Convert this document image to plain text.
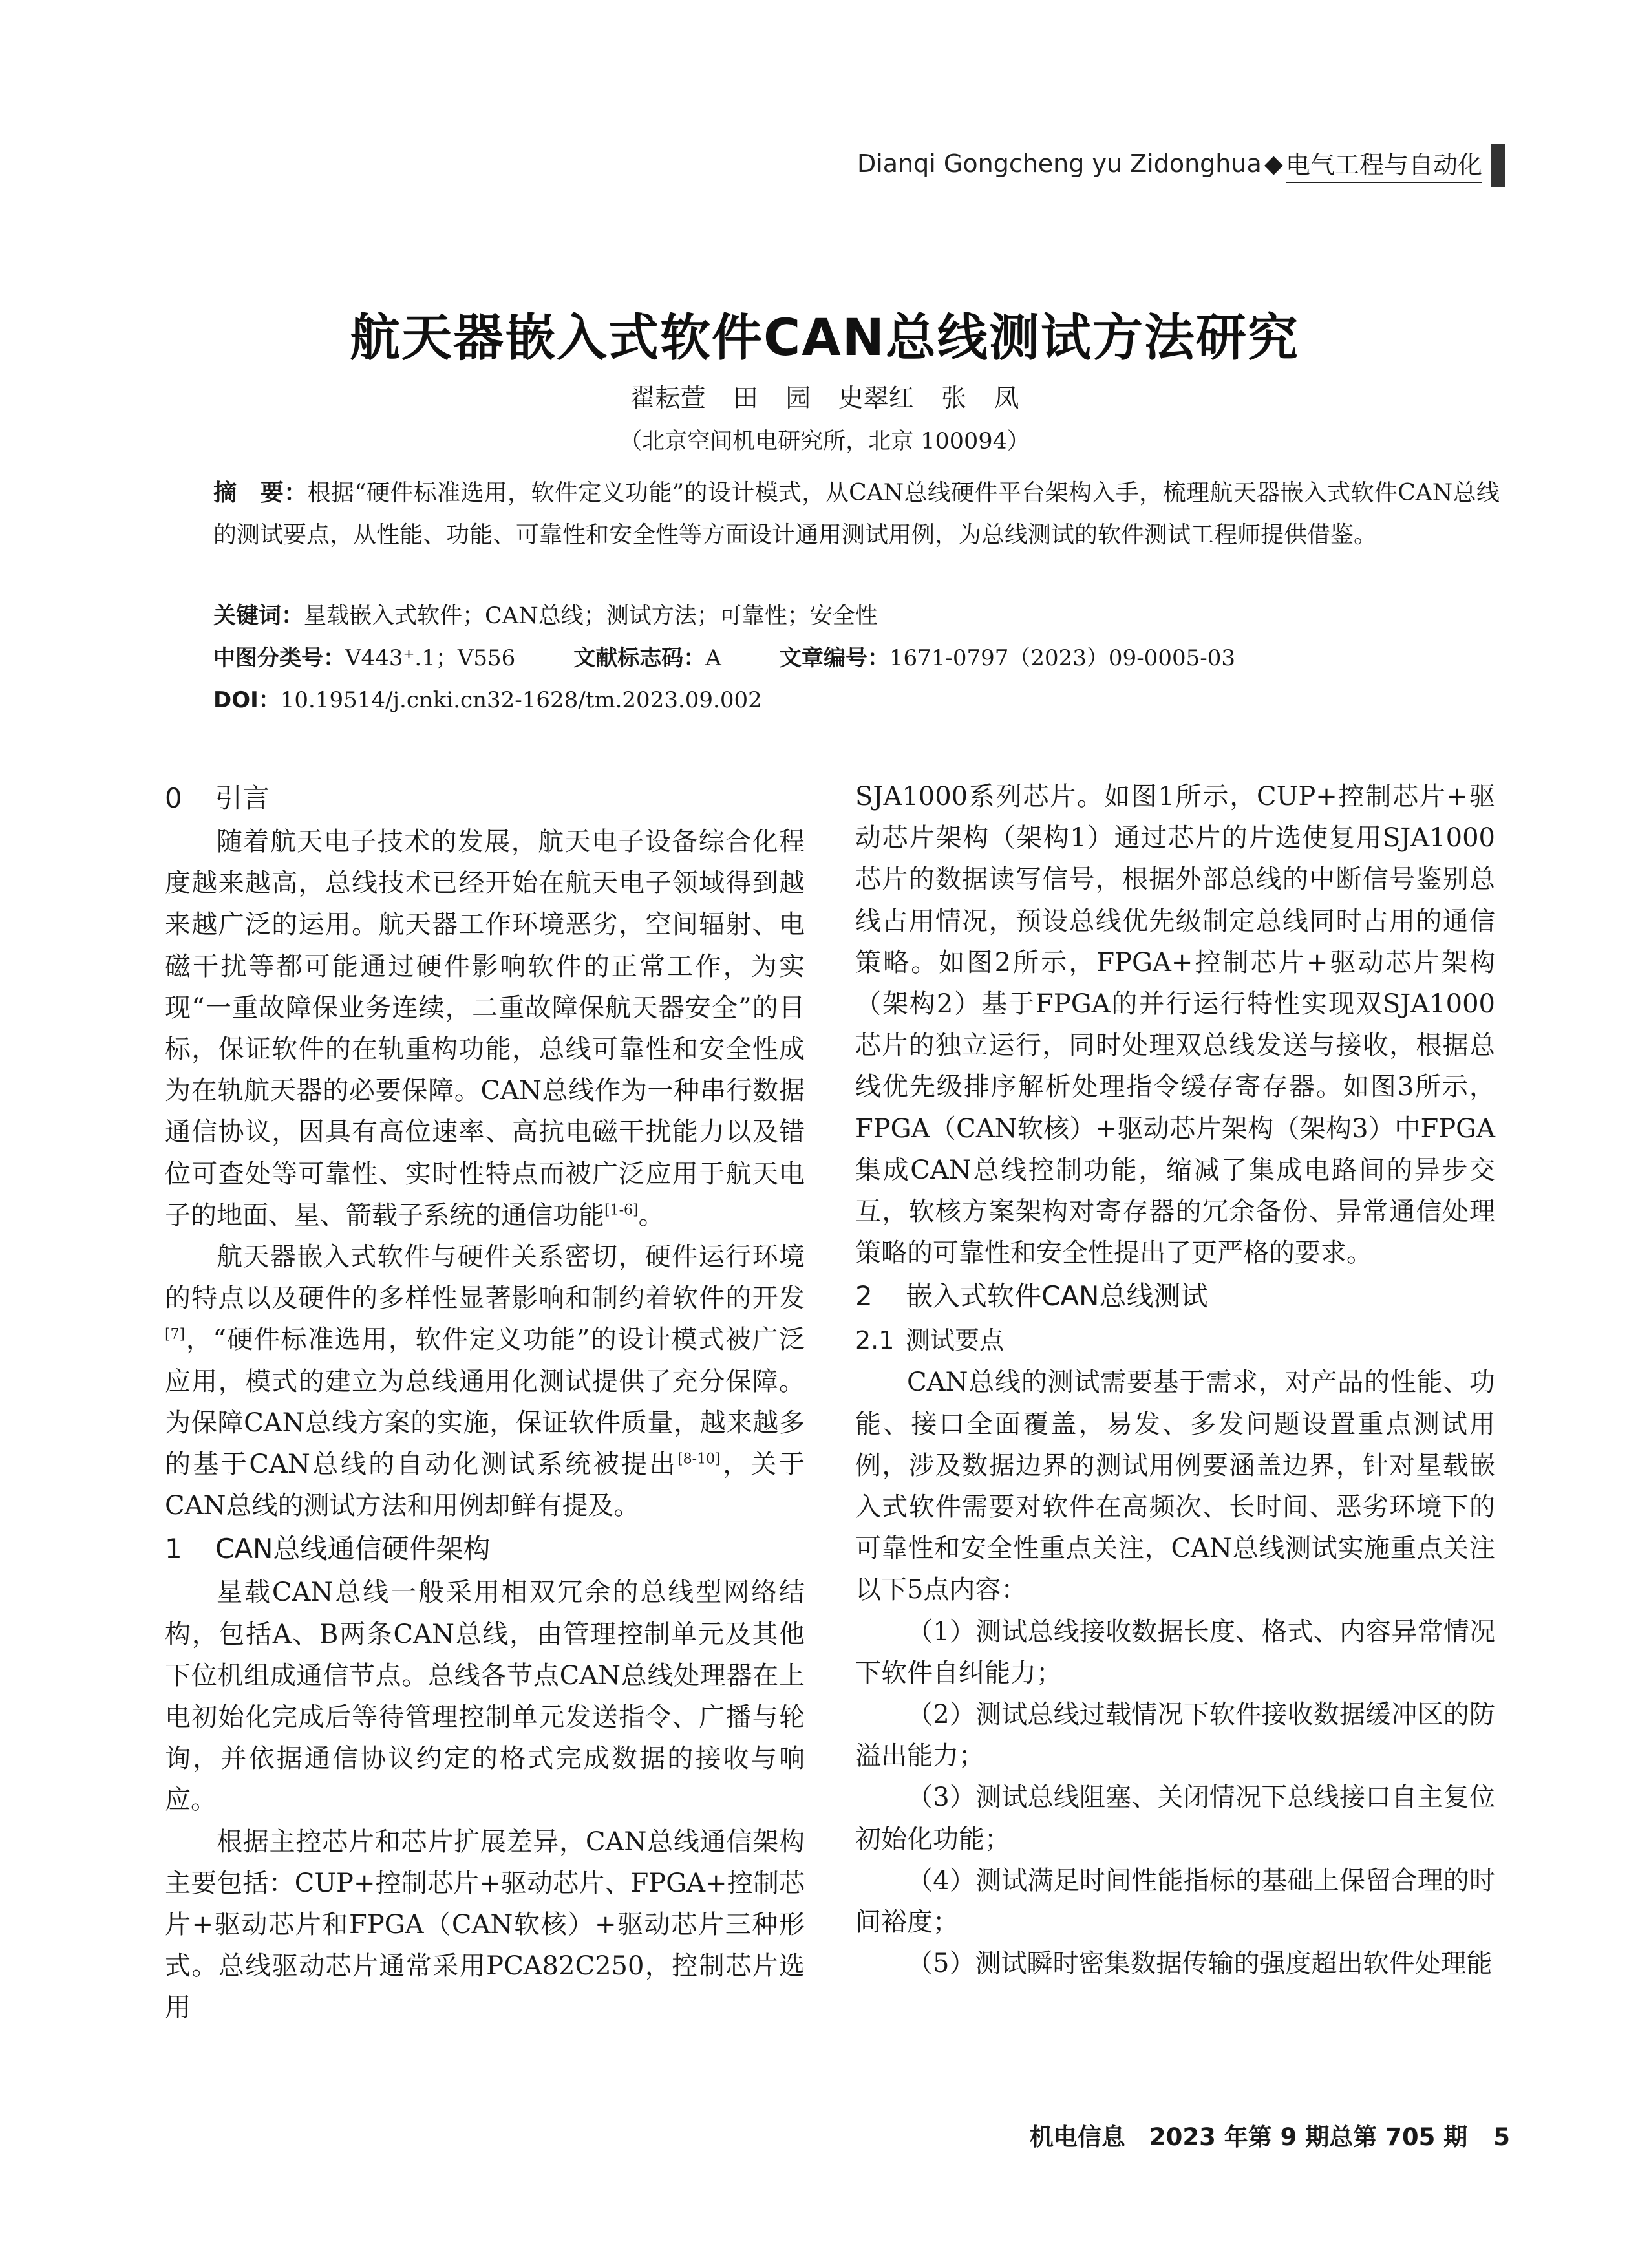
Dianqi Gongcheng yu Zidonghua ◆ 电气工程与自动化
航天器嵌入式软件CAN总线测试方法研究
翟耘萱 田 园 史翠红 张 凤
（北京空间机电研究所，北京 100094）
摘　要：根据“硬件标准选用，软件定义功能”的设计模式，从CAN总线硬件平台架构入手，梳理航天器嵌入式软件CAN总线的测试要点，从性能、功能、可靠性和安全性等方面设计通用测试用例，为总线测试的软件测试工程师提供借鉴。
关键词：星载嵌入式软件；CAN总线；测试方法；可靠性；安全性
中图分类号：V443⁺.1；V556	文献标志码：A	文章编号：1671-0797（2023）09-0005-03
DOI：10.19514/j.cnki.cn32-1628/tm.2023.09.002
0 引言

随着航天电子技术的发展，航天电子设备综合化程度越来越高，总线技术已经开始在航天电子领域得到越来越广泛的运用。航天器工作环境恶劣，空间辐射、电磁干扰等都可能通过硬件影响软件的正常工作，为实现“一重故障保业务连续，二重故障保航天器安全”的目标，保证软件的在轨重构功能，总线可靠性和安全性成为在轨航天器的必要保障。CAN总线作为一种串行数据通信协议，因具有高位速率、高抗电磁干扰能力以及错位可查处等可靠性、实时性特点而被广泛应用于航天电子的地面、星、箭载子系统的通信功能[1-6]。

航天器嵌入式软件与硬件关系密切，硬件运行环境的特点以及硬件的多样性显著影响和制约着软件的开发[7]，“硬件标准选用，软件定义功能”的设计模式被广泛应用，模式的建立为总线通用化测试提供了充分保障。为保障CAN总线方案的实施，保证软件质量，越来越多的基于CAN总线的自动化测试系统被提出[8-10]，关于CAN总线的测试方法和用例却鲜有提及。

1 CAN总线通信硬件架构

星载CAN总线一般采用相双冗余的总线型网络结构，包括A、B两条CAN总线，由管理控制单元及其他下位机组成通信节点。总线各节点CAN总线处理器在上电初始化完成后等待管理控制单元发送指令、广播与轮询，并依据通信协议约定的格式完成数据的接收与响应。

根据主控芯片和芯片扩展差异，CAN总线通信架构主要包括：CUP+控制芯片+驱动芯片、FPGA+控制芯片+驱动芯片和FPGA（CAN软核）+驱动芯片三种形式。总线驱动芯片通常采用PCA82C250，控制芯片选用

SJA1000系列芯片。如图1所示，CUP+控制芯片+驱动芯片架构（架构1）通过芯片的片选使复用SJA1000芯片的数据读写信号，根据外部总线的中断信号鉴别总线占用情况，预设总线优先级制定总线同时占用的通信策略。如图2所示，FPGA+控制芯片+驱动芯片架构（架构2）基于FPGA的并行运行特性实现双SJA1000芯片的独立运行，同时处理双总线发送与接收，根据总线优先级排序解析处理指令缓存寄存器。如图3所示，FPGA（CAN软核）+驱动芯片架构（架构3）中FPGA集成CAN总线控制功能，缩减了集成电路间的异步交互，软核方案架构对寄存器的冗余备份、异常通信处理策略的可靠性和安全性提出了更严格的要求。

2 嵌入式软件CAN总线测试
2.1 测试要点

CAN总线的测试需要基于需求，对产品的性能、功能、接口全面覆盖，易发、多发问题设置重点测试用例，涉及数据边界的测试用例要涵盖边界，针对星载嵌入式软件需要对软件在高频次、长时间、恶劣环境下的可靠性和安全性重点关注，CAN总线测试实施重点关注以下5点内容：

（1）测试总线接收数据长度、格式、内容异常情况下软件自纠能力；

（2）测试总线过载情况下软件接收数据缓冲区的防溢出能力；

（3）测试总线阻塞、关闭情况下总线接口自主复位初始化功能；

（4）测试满足时间性能指标的基础上保留合理的时间裕度；

（5）测试瞬时密集数据传输的强度超出软件处理能

机电信息　2023 年第 9 期总第 705 期 5
